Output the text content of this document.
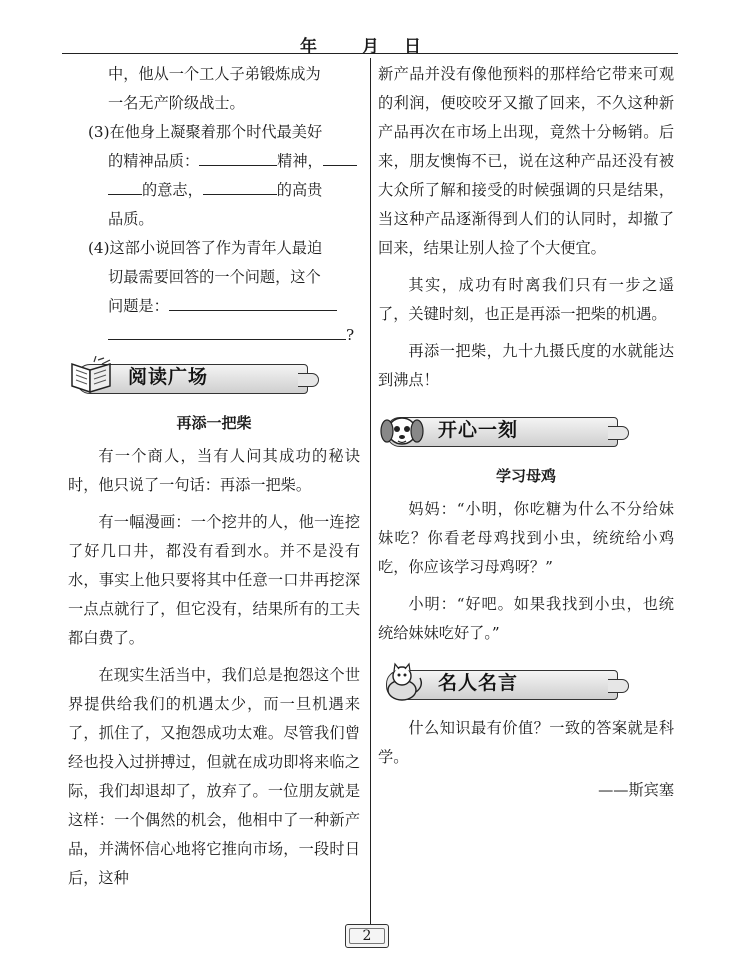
年	月 日

中，他从一个工人子弟锻炼成为

一名无产阶级战士。

(3)在他身上凝聚着那个时代最美好

的精神品质：	精神，

的意志，	的高贵

品质。

(4)这部小说回答了作为青年人最迫

切最需要回答的一个问题，这个

问题是：

?

阅读广场

再添一把柴

有一个商人，当有人问其成功的秘诀时，他只说了一句话：再添一把柴。

有一幅漫画：一个挖井的人，他一连挖了好几口井，都没有看到水。并不是没有水，事实上他只要将其中任意一口井再挖深一点点就行了，但它没有，结果所有的工夫都白费了。

在现实生活当中，我们总是抱怨这个世界提供给我们的机遇太少，而一旦机遇来了，抓住了，又抱怨成功太难。尽管我们曾经也投入过拼搏过，但就在成功即将来临之际，我们却退却了，放弃了。一位朋友就是这样：一个偶然的机会，他相中了一种新产品，并满怀信心地将它推向市场，一段时日后，这种

新产品并没有像他预料的那样给它带来可观的利润，便咬咬牙又撤了回来，不久这种新产品再次在市场上出现，竟然十分畅销。后来，朋友懊悔不已，说在这种产品还没有被大众所了解和接受的时候强调的只是结果，当这种产品逐渐得到人们的认同时，却撤了回来，结果让别人捡了个大便宜。

其实，成功有时离我们只有一步之遥了，关键时刻，也正是再添一把柴的机遇。

再添一把柴，九十九摄氏度的水就能达到沸点！

开心一刻

学习母鸡

妈妈：“小明，你吃糖为什么不分给妹妹吃？你看老母鸡找到小虫，统统给小鸡吃，你应该学习母鸡呀？”

小明：“好吧。如果我找到小虫，也统统给妹妹吃好了。”

名人名言

什么知识最有价值？一致的答案就是科学。

——斯宾塞

2
